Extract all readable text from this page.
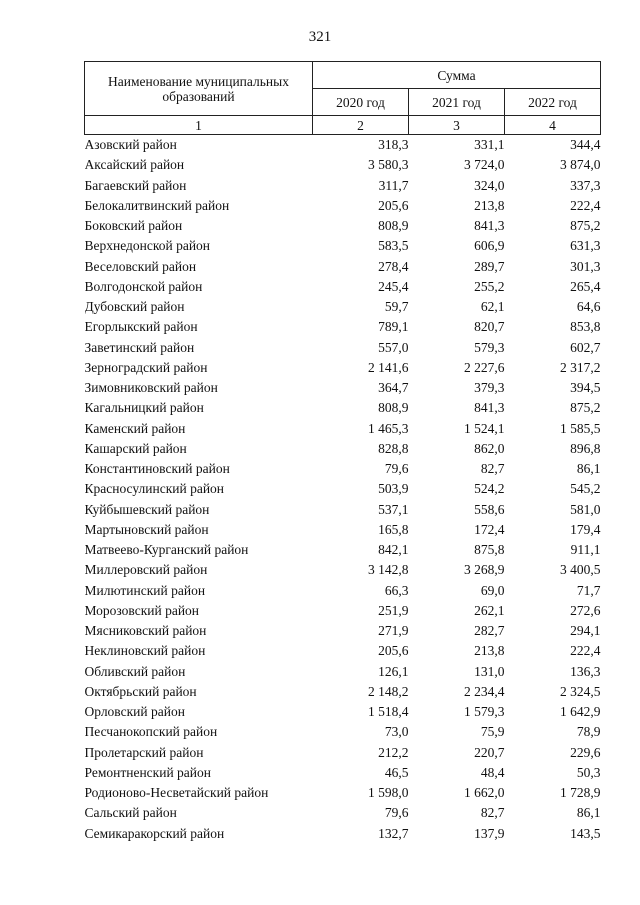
321
Наименование муниципальных образований	Сумма		
	2020 год	2021 год	2022 год
1	2	3	4
Азовский район	318,3	331,1	344,4
Аксайский район	3 580,3	3 724,0	3 874,0
Багаевский район	311,7	324,0	337,3
Белокалитвинский район	205,6	213,8	222,4
Боковский район	808,9	841,3	875,2
Верхнедонской район	583,5	606,9	631,3
Веселовский район	278,4	289,7	301,3
Волгодонской район	245,4	255,2	265,4
Дубовский район	59,7	62,1	64,6
Егорлыкский район	789,1	820,7	853,8
Заветинский район	557,0	579,3	602,7
Зерноградский район	2 141,6	2 227,6	2 317,2
Зимовниковский район	364,7	379,3	394,5
Кагальницкий район	808,9	841,3	875,2
Каменский район	1 465,3	1 524,1	1 585,5
Кашарский район	828,8	862,0	896,8
Константиновский район	79,6	82,7	86,1
Красносулинский район	503,9	524,2	545,2
Куйбышевский район	537,1	558,6	581,0
Мартыновский район	165,8	172,4	179,4
Матвеево-Курганский район	842,1	875,8	911,1
Миллеровский район	3 142,8	3 268,9	3 400,5
Милютинский район	66,3	69,0	71,7
Морозовский район	251,9	262,1	272,6
Мясниковский район	271,9	282,7	294,1
Неклиновский район	205,6	213,8	222,4
Обливский район	126,1	131,0	136,3
Октябрьский район	2 148,2	2 234,4	2 324,5
Орловский район	1 518,4	1 579,3	1 642,9
Песчанокопский район	73,0	75,9	78,9
Пролетарский район	212,2	220,7	229,6
Ремонтненский район	46,5	48,4	50,3
Родионово-Несветайский район	1 598,0	1 662,0	1 728,9
Сальский район	79,6	82,7	86,1
Семикаракорский район	132,7	137,9	143,5
